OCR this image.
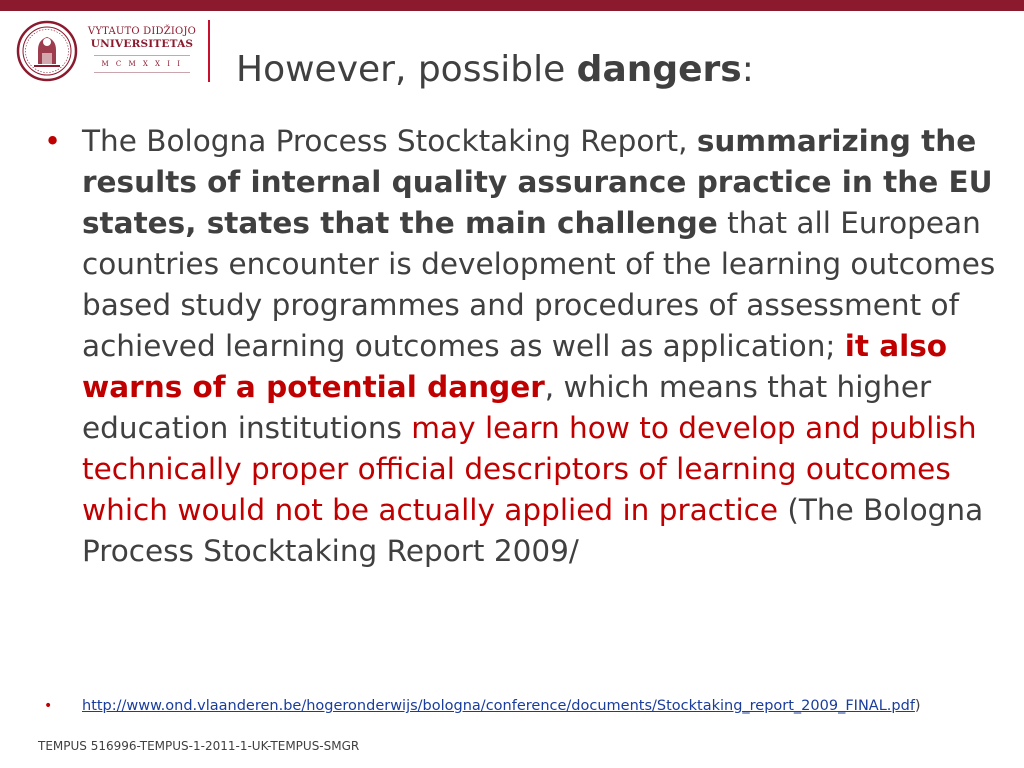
VYTAUTO DIDŽIOJO
UNIVERSITETAS
M C M X X I I However, possible dangers:
• The Bologna Process Stocktaking Report, summarizing the results of internal quality assurance practice in the EU states, states that the main challenge that all European countries encounter is development of the learning outcomes based study programmes and procedures of assessment of achieved learning outcomes as well as application; it also warns of a potential danger, which means that higher education institutions may learn how to develop and publish technically proper official descriptors of learning outcomes which would not be actually applied in practice (The Bologna Process Stocktaking Report 2009/
• http://www.ond.vlaanderen.be/hogeronderwijs/bologna/conference/documents/Stocktaking_report_2009_FINAL.pdf)
TEMPUS 516996-TEMPUS-1-2011-1-UK-TEMPUS-SMGR
